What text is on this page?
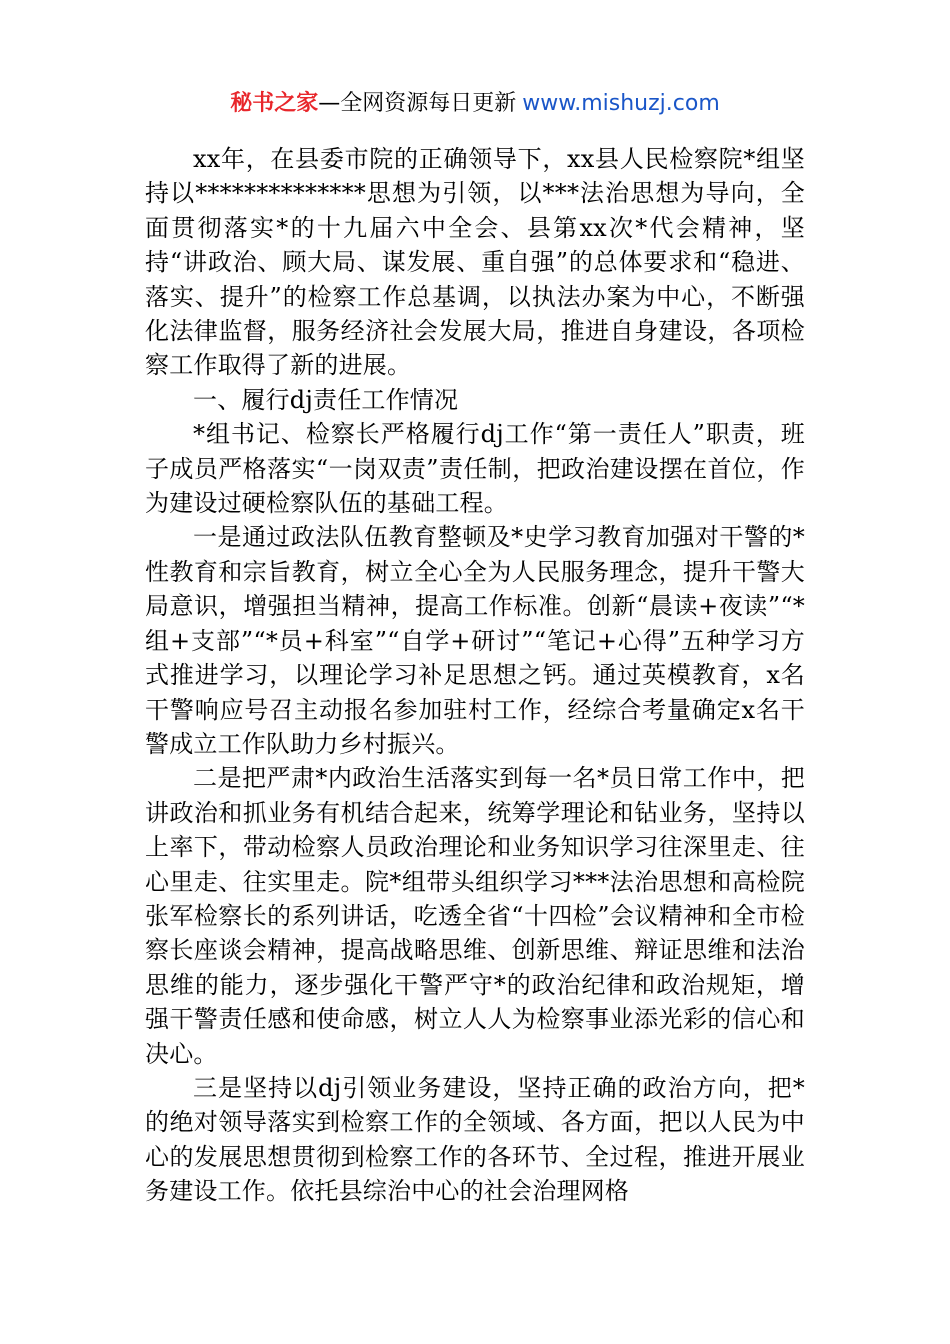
秘书之家—全网资源每日更新 www.mishuzj.com

xx年，在县委市院的正确领导下，xx县人民检察院*组坚持以**************思想为引领，以***法治思想为导向，全面贯彻落实*的十九届六中全会、县第xx次*代会精神，坚持“讲政治、顾大局、谋发展、重自强”的总体要求和“稳进、落实、提升”的检察工作总基调，以执法办案为中心，不断强化法律监督，服务经济社会发展大局，推进自身建设，各项检察工作取得了新的进展。

一、履行dj责任工作情况

*组书记、检察长严格履行dj工作“第一责任人”职责，班子成员严格落实“一岗双责”责任制，把政治建设摆在首位，作为建设过硬检察队伍的基础工程。

一是通过政法队伍教育整顿及*史学习教育加强对干警的*性教育和宗旨教育，树立全心全为人民服务理念，提升干警大局意识，增强担当精神，提高工作标准。创新“晨读+夜读”“*组+支部”“*员+科室”“自学+研讨”“笔记+心得”五种学习方式推进学习，以理论学习补足思想之钙。通过英模教育，x名干警响应号召主动报名参加驻村工作，经综合考量确定x名干警成立工作队助力乡村振兴。

二是把严肃*内政治生活落实到每一名*员日常工作中，把讲政治和抓业务有机结合起来，统筹学理论和钻业务，坚持以上率下，带动检察人员政治理论和业务知识学习往深里走、往心里走、往实里走。院*组带头组织学习***法治思想和高检院张军检察长的系列讲话，吃透全省“十四检”会议精神和全市检察长座谈会精神，提高战略思维、创新思维、辩证思维和法治思维的能力，逐步强化干警严守*的政治纪律和政治规矩，增强干警责任感和使命感，树立人人为检察事业添光彩的信心和决心。

三是坚持以dj引领业务建设，坚持正确的政治方向，把*的绝对领导落实到检察工作的全领域、各方面，把以人民为中心的发展思想贯彻到检察工作的各环节、全过程，推进开展业务建设工作。依托县综治中心的社会治理网格
